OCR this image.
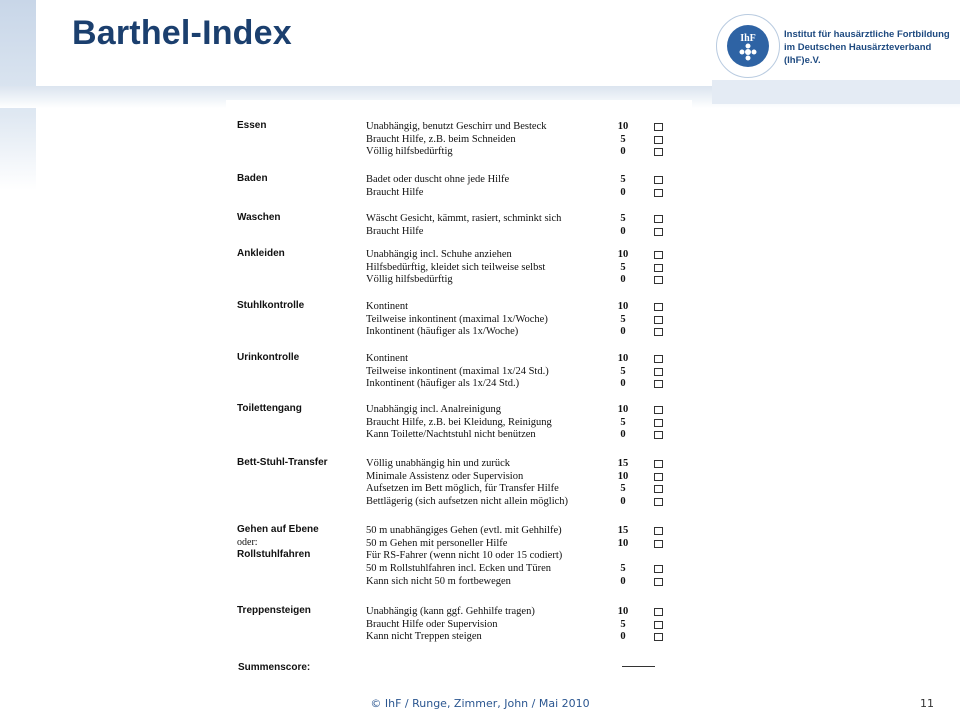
Barthel-Index	IhF	Institut für hausärztliche Fortbildung
im Deutschen Hausärzteverband (IhF)e.V.
Essen	Unabhängig, benutzt Geschirr und Besteck	10
Braucht Hilfe, z.B. beim Schneiden	5
Völlig hilfsbedürftig	0
Baden	Badet oder duscht ohne jede Hilfe	5
Braucht Hilfe	0
Waschen	Wäscht Gesicht, kämmt, rasiert, schminkt sich	5
Braucht Hilfe	0
Ankleiden	Unabhängig incl. Schuhe anziehen	10
Hilfsbedürftig, kleidet sich teilweise selbst	5
Völlig hilfsbedürftig	0
Stuhlkontrolle	Kontinent	10
Teilweise inkontinent (maximal 1x/Woche)	5
Inkontinent (häufiger als 1x/Woche)	0
Urinkontrolle	Kontinent	10
Teilweise inkontinent (maximal 1x/24 Std.)	5
Inkontinent (häufiger als 1x/24 Std.)	0
Toilettengang	Unabhängig incl. Analreinigung	10
Braucht Hilfe, z.B. bei Kleidung, Reinigung	5
Kann Toilette/Nachtstuhl nicht benützen	0
Bett-Stuhl-Transfer	Völlig unabhängig hin und zurück	15
Minimale Assistenz oder Supervision	10
Aufsetzen im Bett möglich, für Transfer Hilfe	5
Bettlägerig (sich aufsetzen nicht allein möglich)	0
Gehen auf Ebene
oder:
Rollstuhlfahren
50 m unabhängiges Gehen (evtl. mit Gehhilfe)	15
50 m Gehen mit personeller Hilfe	10
Für RS-Fahrer (wenn nicht 10 oder 15 codiert)
50 m Rollstuhlfahren incl. Ecken und Türen	5
Kann sich nicht 50 m fortbewegen	0
Treppensteigen	Unabhängig (kann ggf. Gehhilfe tragen)	10
Braucht Hilfe oder Supervision	5
Kann nicht Treppen steigen	0
Summenscore:
© IhF / Runge, Zimmer, John / Mai 2010	11
